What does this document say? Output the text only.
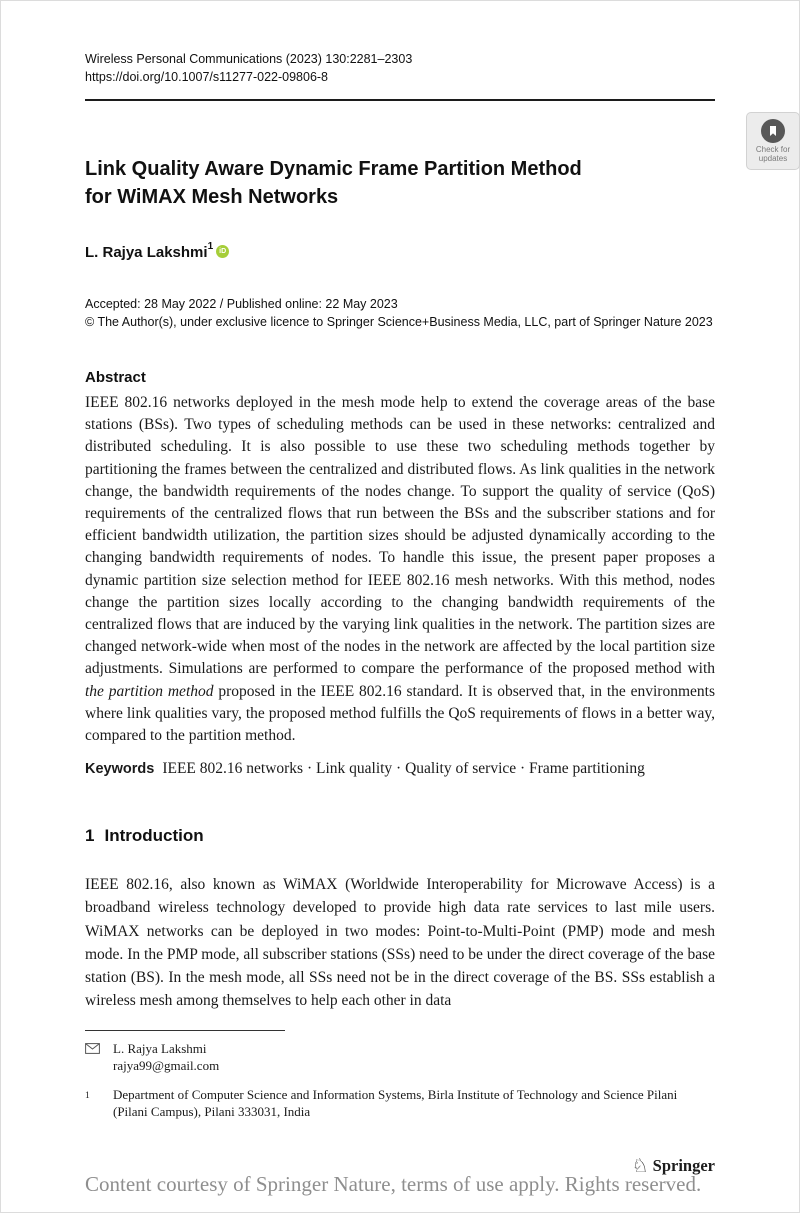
Wireless Personal Communications (2023) 130:2281–2303
https://doi.org/10.1007/s11277-022-09806-8
Link Quality Aware Dynamic Frame Partition Method
for WiMAX Mesh Networks
L. Rajya Lakshmi$^1$ iD
Accepted: 28 May 2022 / Published online: 22 May 2023
© The Author(s), under exclusive licence to Springer Science+Business Media, LLC, part of Springer Nature 2023
Abstract

IEEE 802.16 networks deployed in the mesh mode help to extend the coverage areas of the base stations (BSs). Two types of scheduling methods can be used in these networks: centralized and distributed scheduling. It is also possible to use these two scheduling methods together by partitioning the frames between the centralized and distributed flows. As link qualities in the network change, the bandwidth requirements of the nodes change. To support the quality of service (QoS) requirements of the centralized flows that run between the BSs and the subscriber stations and for efficient bandwidth utilization, the partition sizes should be adjusted dynamically according to the changing bandwidth requirements of nodes. To handle this issue, the present paper proposes a dynamic partition size selection method for IEEE 802.16 mesh networks. With this method, nodes change the partition sizes locally according to the changing bandwidth requirements of the centralized flows that are induced by the varying link qualities in the network. The partition sizes are changed network-wide when most of the nodes in the network are affected by the local partition size adjustments. Simulations are performed to compare the performance of the proposed method with the partition method proposed in the IEEE 802.16 standard. It is observed that, in the environments where link qualities vary, the proposed method fulfills the QoS requirements of flows in a better way, compared to the partition method.

Keywords IEEE 802.16 networks · Link quality · Quality of service · Frame partitioning
1 Introduction

IEEE 802.16, also known as WiMAX (Worldwide Interoperability for Microwave Access) is a broadband wireless technology developed to provide high data rate services to last mile users. WiMAX networks can be deployed in two modes: Point-to-Multi-Point (PMP) mode and mesh mode. In the PMP mode, all subscriber stations (SSs) need to be under the direct coverage of the base station (BS). In the mesh mode, all SSs need not be in the direct coverage of the BS. SSs establish a wireless mesh among themselves to help each other in data

Check for
updates
L. Rajya Lakshmi
rajya99@gmail.com
1	Department of Computer Science and Information Systems, Birla Institute of Technology and Science Pilani (Pilani Campus), Pilani 333031, India
♘ Springer
Content courtesy of Springer Nature, terms of use apply. Rights reserved.
